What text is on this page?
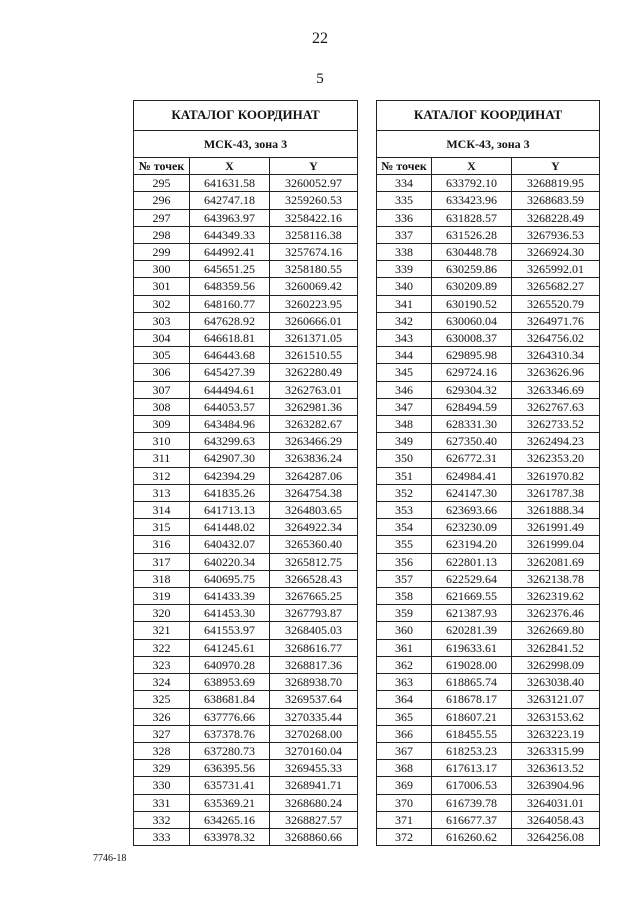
22
5
КАТАЛОГ КООРДИНАТ		
МСК-43, зона 3		
№ точек	X	Y
295	641631.58	3260052.97
296	642747.18	3259260.53
297	643963.97	3258422.16
298	644349.33	3258116.38
299	644992.41	3257674.16
300	645651.25	3258180.55
301	648359.56	3260069.42
302	648160.77	3260223.95
303	647628.92	3260666.01
304	646618.81	3261371.05
305	646443.68	3261510.55
306	645427.39	3262280.49
307	644494.61	3262763.01
308	644053.57	3262981.36
309	643484.96	3263282.67
310	643299.63	3263466.29
311	642907.30	3263836.24
312	642394.29	3264287.06
313	641835.26	3264754.38
314	641713.13	3264803.65
315	641448.02	3264922.34
316	640432.07	3265360.40
317	640220.34	3265812.75
318	640695.75	3266528.43
319	641433.39	3267665.25
320	641453.30	3267793.87
321	641553.97	3268405.03
322	641245.61	3268616.77
323	640970.28	3268817.36
324	638953.69	3268938.70
325	638681.84	3269537.64
326	637776.66	3270335.44
327	637378.76	3270268.00
328	637280.73	3270160.04
329	636395.56	3269455.33
330	635731.41	3268941.71
331	635369.21	3268680.24
332	634265.16	3268827.57
333	633978.32	3268860.66
КАТАЛОГ КООРДИНАТ		
МСК-43, зона 3		
№ точек	X	Y
334	633792.10	3268819.95
335	633423.96	3268683.59
336	631828.57	3268228.49
337	631526.28	3267936.53
338	630448.78	3266924.30
339	630259.86	3265992.01
340	630209.89	3265682.27
341	630190.52	3265520.79
342	630060.04	3264971.76
343	630008.37	3264756.02
344	629895.98	3264310.34
345	629724.16	3263626.96
346	629304.32	3263346.69
347	628494.59	3262767.63
348	628331.30	3262733.52
349	627350.40	3262494.23
350	626772.31	3262353.20
351	624984.41	3261970.82
352	624147.30	3261787.38
353	623693.66	3261888.34
354	623230.09	3261991.49
355	623194.20	3261999.04
356	622801.13	3262081.69
357	622529.64	3262138.78
358	621669.55	3262319.62
359	621387.93	3262376.46
360	620281.39	3262669.80
361	619633.61	3262841.52
362	619028.00	3262998.09
363	618865.74	3263038.40
364	618678.17	3263121.07
365	618607.21	3263153.62
366	618455.55	3263223.19
367	618253.23	3263315.99
368	617613.17	3263613.52
369	617006.53	3263904.96
370	616739.78	3264031.01
371	616677.37	3264058.43
372	616260.62	3264256.08
7746-18
